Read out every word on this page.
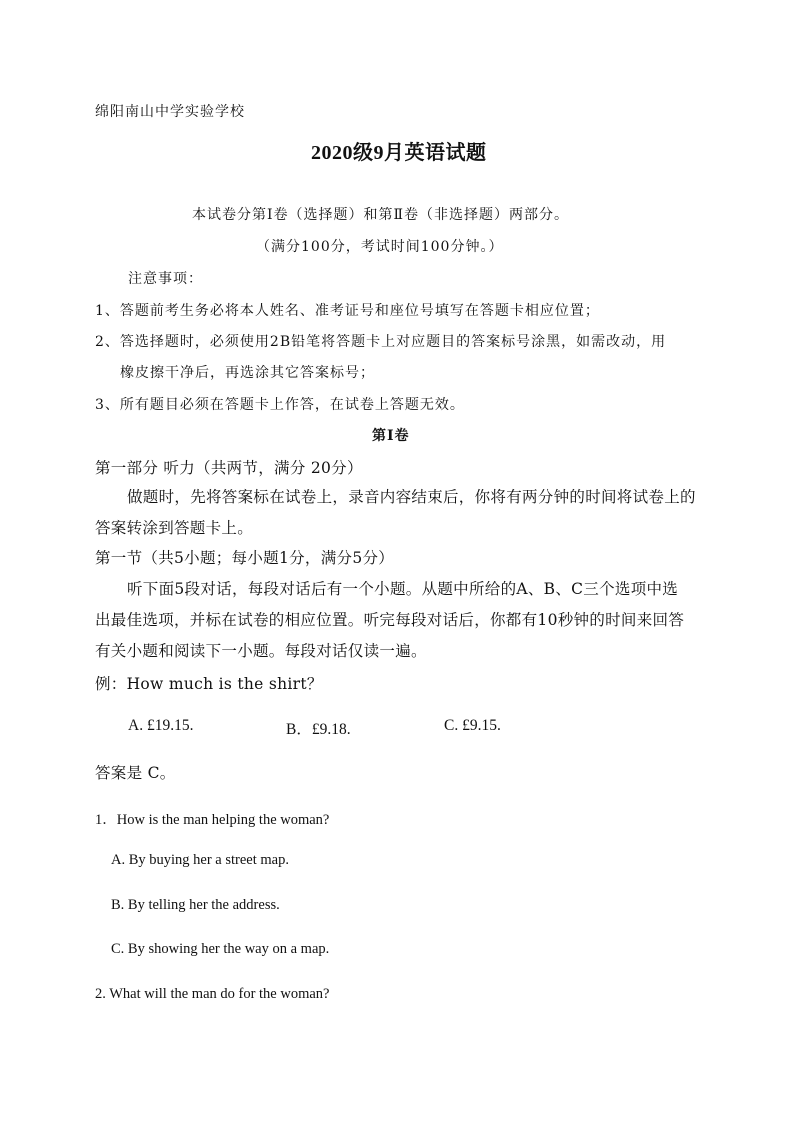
绵阳南山中学实验学校
2020级9月英语试题
本试卷分第Ⅰ卷（选择题）和第Ⅱ卷（非选择题）两部分。
（满分100分，考试时间100分钟。）
注意事项：
1、答题前考生务必将本人姓名、准考证号和座位号填写在答题卡相应位置；
2、答选择题时，必须使用2B铅笔将答题卡上对应题目的答案标号涂黑，如需改动，用
橡皮擦干净后，再选涂其它答案标号；
3、所有题目必须在答题卡上作答，在试卷上答题无效。
第Ⅰ卷
第一部分 听力（共两节，满分 20分）
做题时，先将答案标在试卷上，录音内容结束后，你将有两分钟的时间将试卷上的
答案转涂到答题卡上。
第一节（共5小题；每小题1分，满分5分）
听下面5段对话，每段对话后有一个小题。从题中所给的A、B、C三个选项中选
出最佳选项，并标在试卷的相应位置。听完每段对话后，你都有10秒钟的时间来回答
有关小题和阅读下一小题。每段对话仅读一遍。
例：How much is the shirt？
A. £19.15.	B．£9.18.	C. £9.15.
答案是 C。
1．How is the man helping the woman?
A. By buying her a street map.
B. By telling her the address.
C. By showing her the way on a map.
2. What will the man do for the woman?
